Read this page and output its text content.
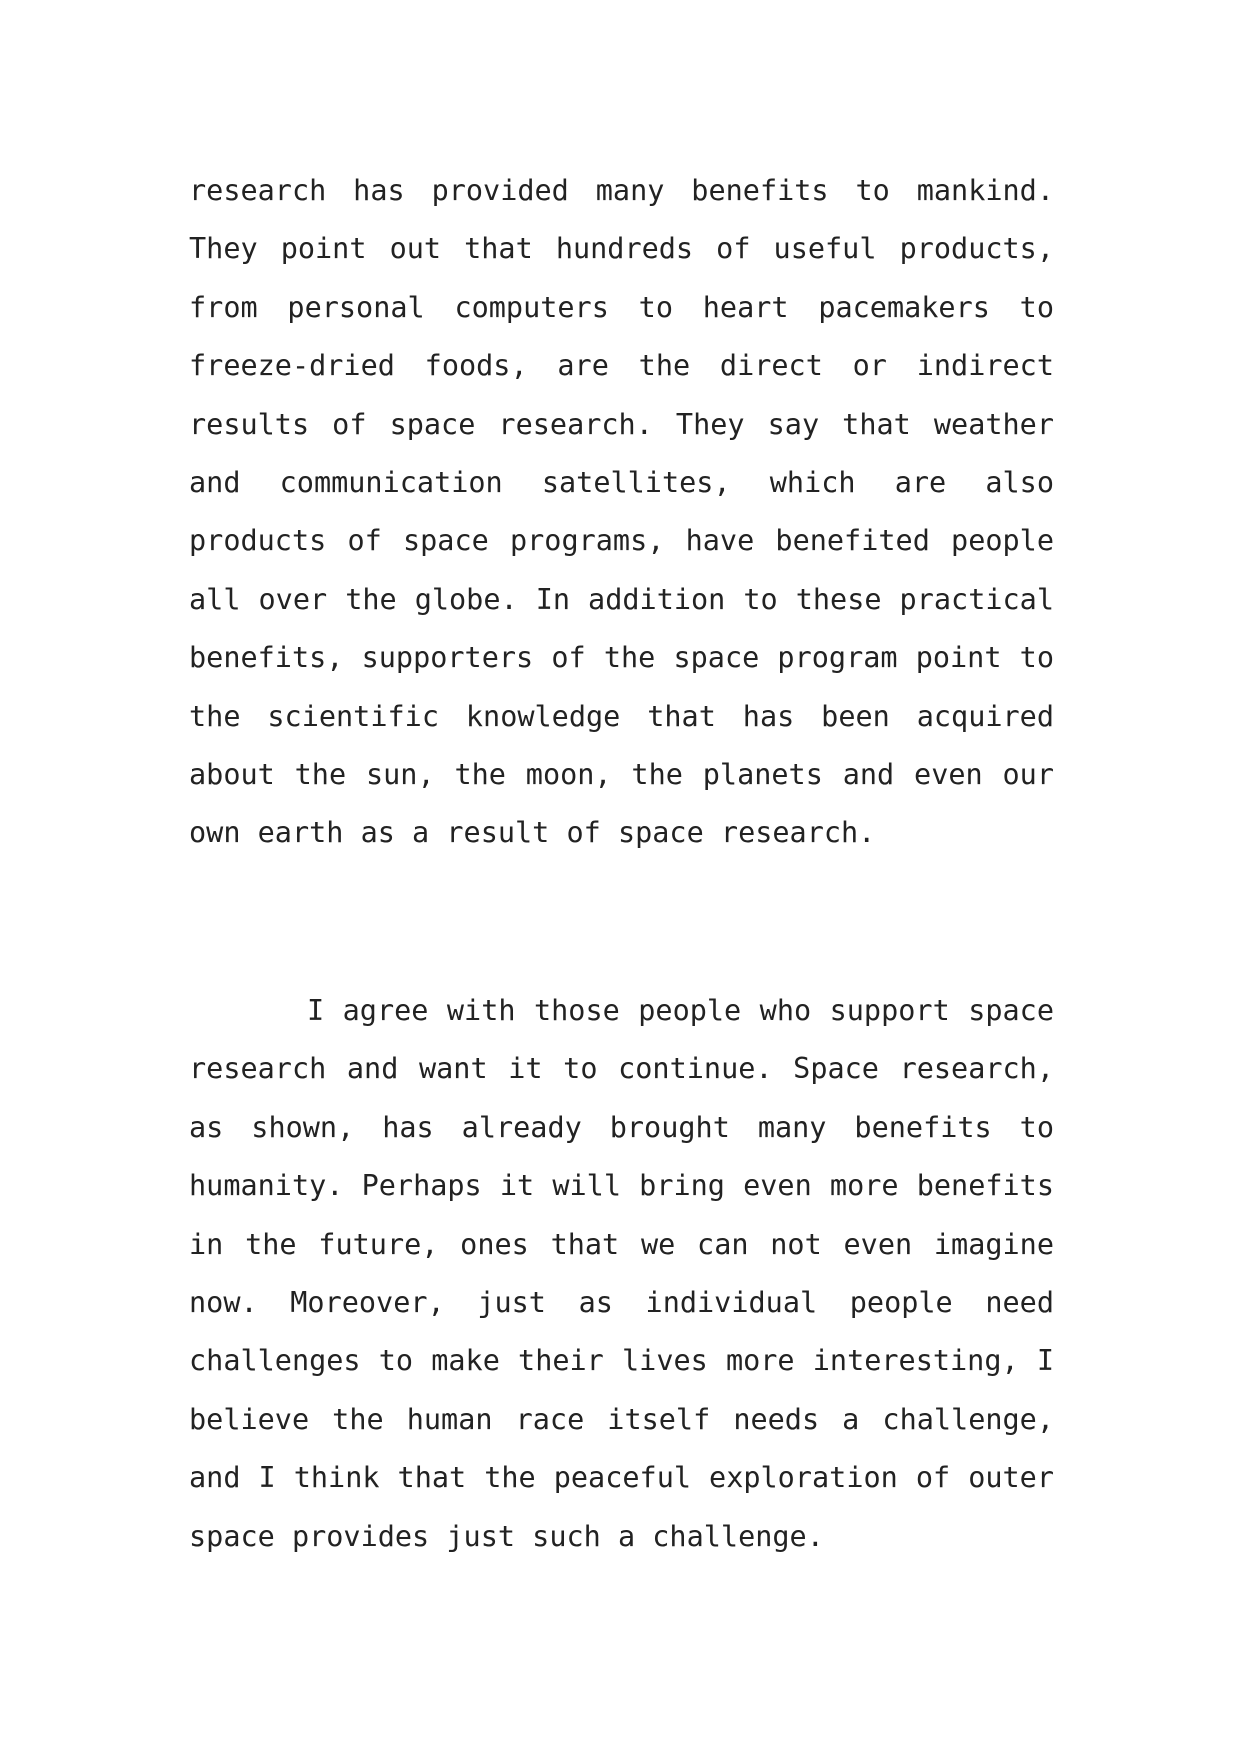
research has provided many benefits to mankind.
They point out that hundreds of useful products,
from personal computers to heart pacemakers to
freeze-dried foods, are the direct or indirect
results of space research. They say that weather
and communication satellites, which are also
products of space programs, have benefited people
all over the globe. In addition to these practical
benefits, supporters of the space program point to
the scientific knowledge that has been acquired
about the sun, the moon, the planets and even our
own earth as a result of space research.
I agree with those people who support space
research and want it to continue. Space research,
as shown, has already brought many benefits to
humanity. Perhaps it will bring even more benefits
in the future, ones that we can not even imagine
now. Moreover, just as individual people need
challenges to make their lives more interesting, I
believe the human race itself needs a challenge,
and I think that the peaceful exploration of outer
space provides just such a challenge.
